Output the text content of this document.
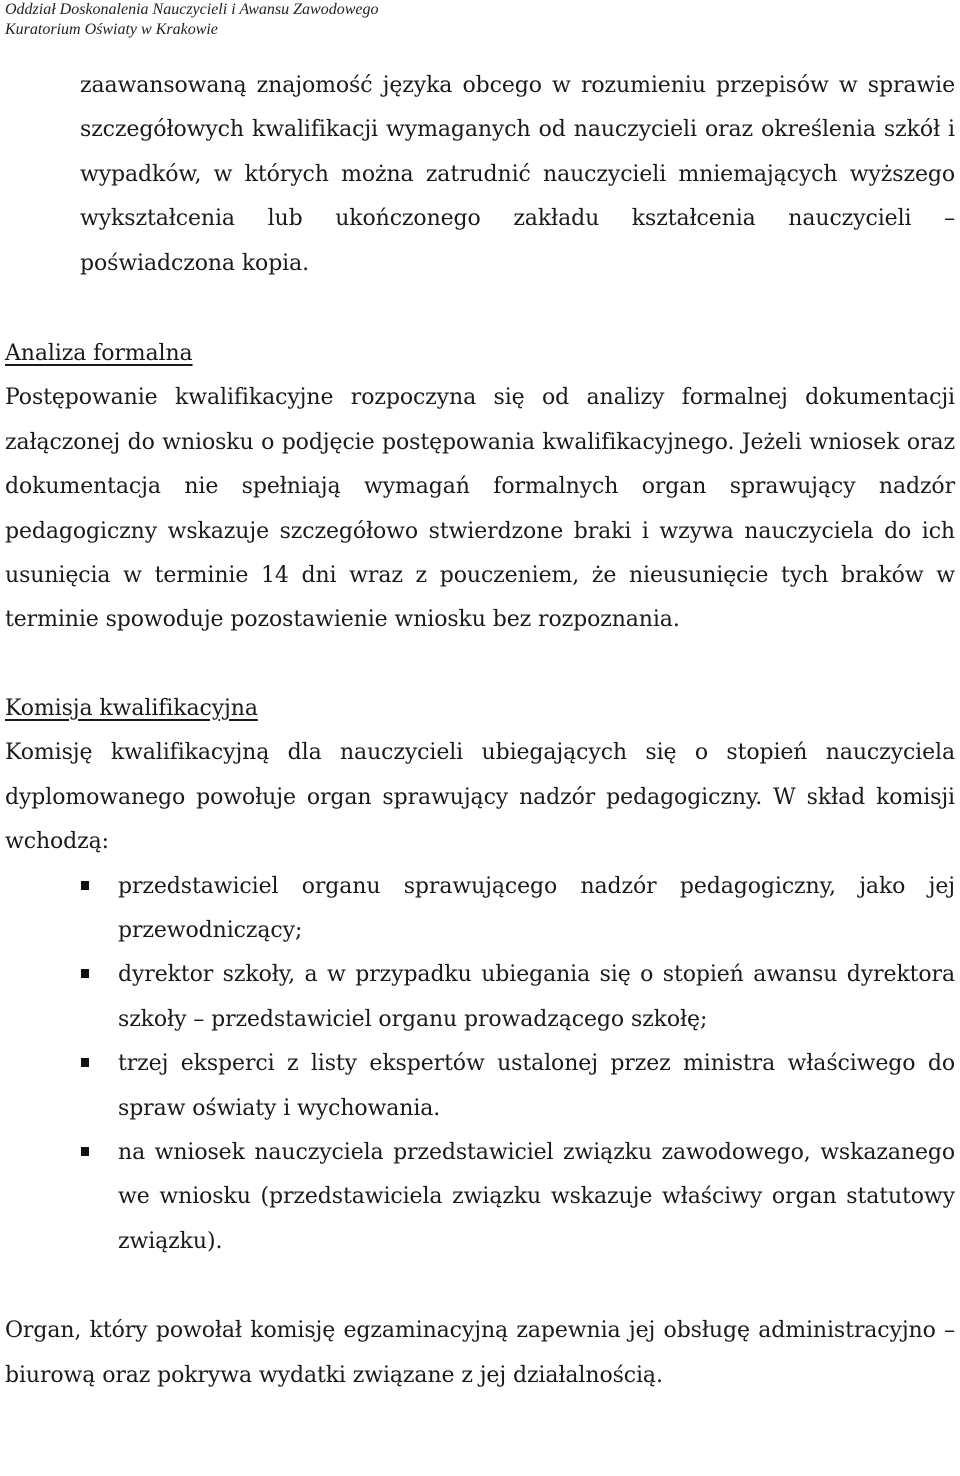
Oddział Doskonalenia Nauczycieli i Awansu Zawodowego
Kuratorium Oświaty w Krakowie

zaawansowaną znajomość języka obcego w rozumieniu przepisów w sprawie szczegółowych kwalifikacji wymaganych od nauczycieli oraz określenia szkół i wypadków, w których można zatrudnić nauczycieli mniemających wyższego wykształcenia lub ukończonego zakładu kształcenia nauczycieli – poświadczona kopia.

Analiza formalna

Postępowanie kwalifikacyjne rozpoczyna się od analizy formalnej dokumentacji załączonej do wniosku o podjęcie postępowania kwalifikacyjnego. Jeżeli wniosek oraz dokumentacja nie spełniają wymagań formalnych organ sprawujący nadzór pedagogiczny wskazuje szczegółowo stwierdzone braki i wzywa nauczyciela do ich usunięcia w terminie 14 dni wraz z pouczeniem, że nieusunięcie tych braków w terminie spowoduje pozostawienie wniosku bez rozpoznania.

Komisja kwalifikacyjna

Komisję kwalifikacyjną dla nauczycieli ubiegających się o stopień nauczyciela dyplomowanego powołuje organ sprawujący nadzór pedagogiczny. W skład komisji wchodzą:

przedstawiciel organu sprawującego nadzór pedagogiczny, jako jej przewodniczący;
dyrektor szkoły, a w przypadku ubiegania się o stopień awansu dyrektora szkoły – przedstawiciel organu prowadzącego szkołę;
trzej eksperci z listy ekspertów ustalonej przez ministra właściwego do spraw oświaty i wychowania.
na wniosek nauczyciela przedstawiciel związku zawodowego, wskazanego we wniosku (przedstawiciela związku wskazuje właściwy organ statutowy związku).

Organ, który powołał komisję egzaminacyjną zapewnia jej obsługę administracyjno – biurową oraz pokrywa wydatki związane z jej działalnością.
